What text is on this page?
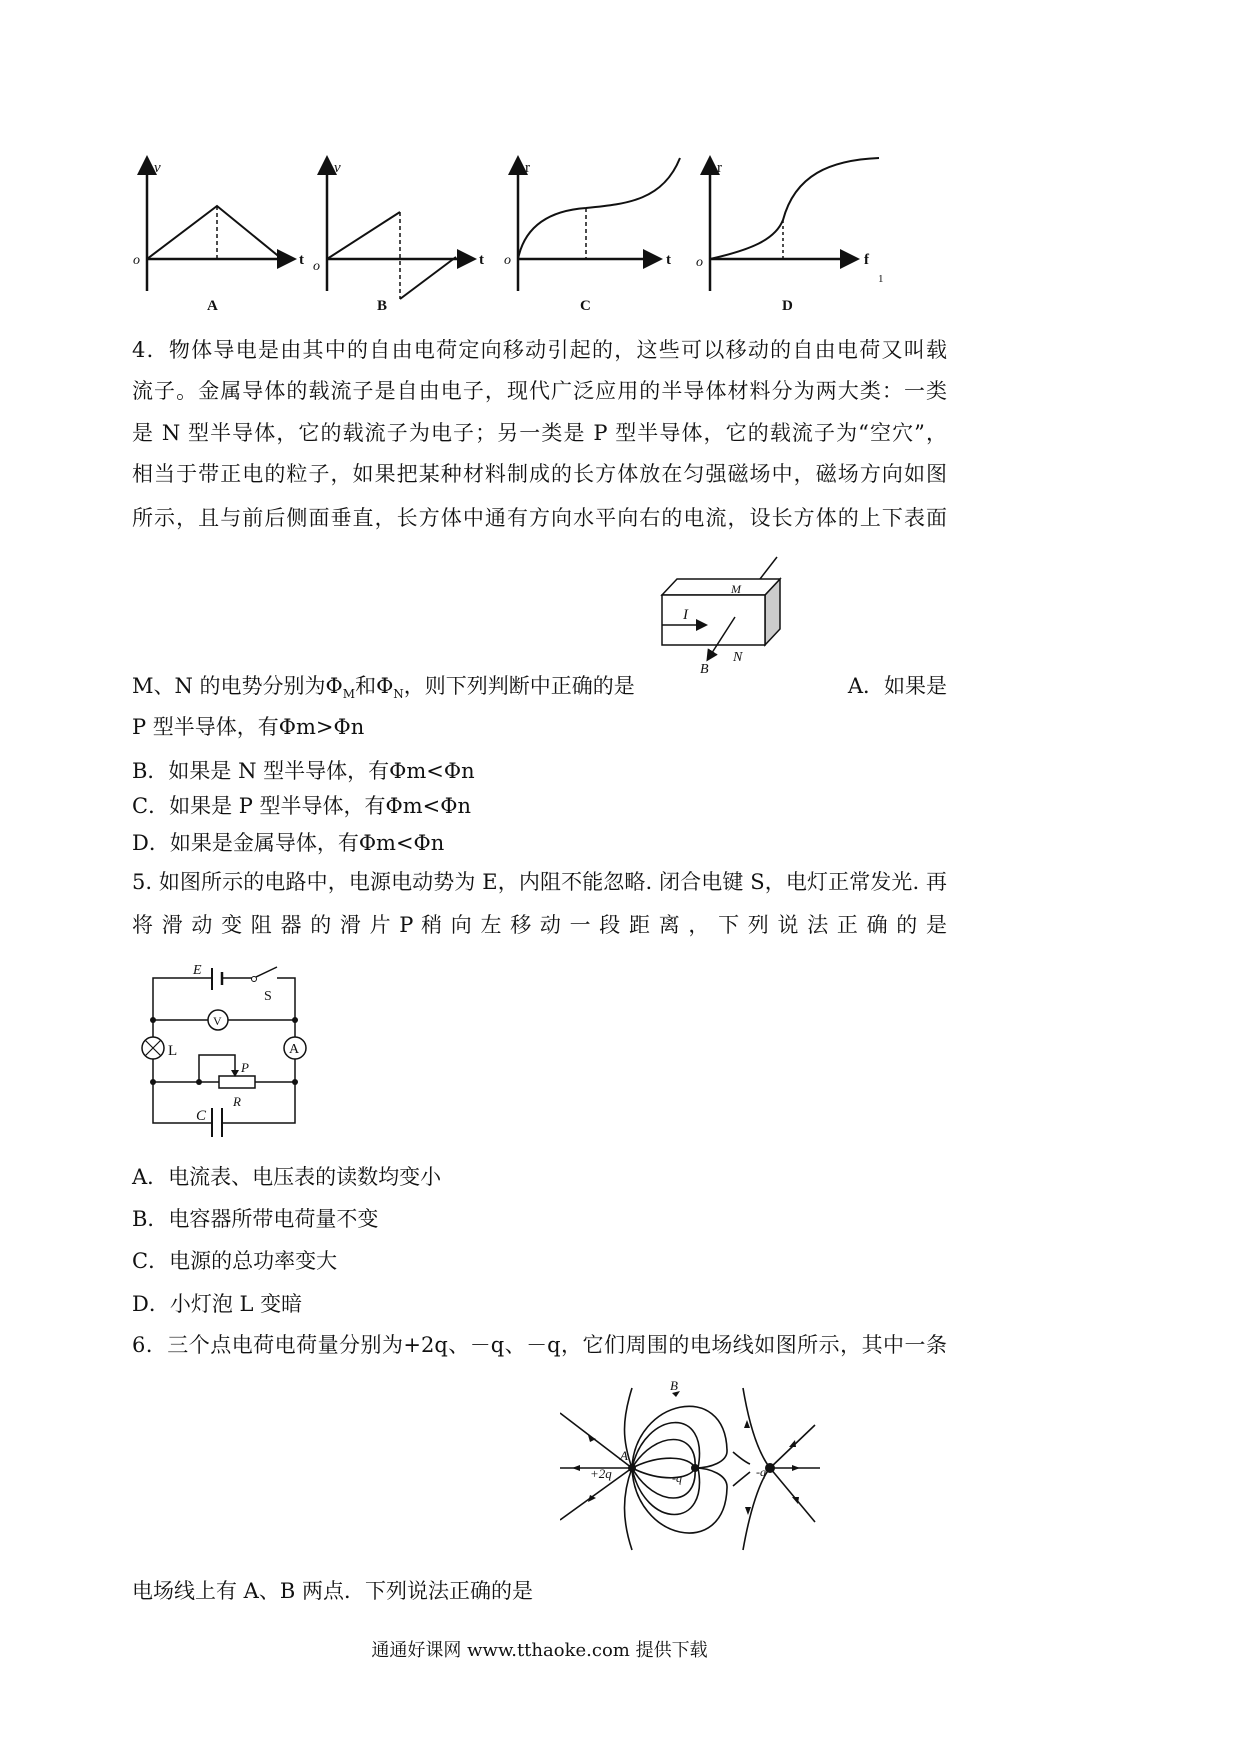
v
t
o
A
v
t
o
B
r
t
o
C
r
f
o
D
1
4．物体导电是由其中的自由电荷定向移动引起的，这些可以移动的自由电荷又叫载
流子。金属导体的载流子是自由电子，现代广泛应用的半导体材料分为两大类：一类
是 N 型半导体，它的载流子为电子；另一类是 P 型半导体，它的载流子为“空穴”，
相当于带正电的粒子，如果把某种材料制成的长方体放在匀强磁场中，磁场方向如图
所示，且与前后侧面垂直，长方体中通有方向水平向右的电流，设长方体的上下表面
I
M
B
N
M、N 的电势分别为$\Phi_M$和$\Phi_N$，则下列判断中正确的是	A．如果是
P 型半导体，有Φm>Φn
B．如果是 N 型半导体，有Φm<Φn
C．如果是 P 型半导体，有Φm<Φn
D．如果是金属导体，有Φm<Φn
5. 如图所示的电路中，电源电动势为 E，内阻不能忽略. 闭合电键 S，电灯正常发光. 再
将 滑 动 变 阻 器 的 滑 片 P 稍 向 左 移 动 一 段 距 离 ， 下 列 说 法 正 确 的 是
E
S
V
L	A
P
R
C
A．电流表、电压表的读数均变小
B．电容器所带电荷量不变
C．电源的总功率变大
D．小灯泡 L 变暗
6．三个点电荷电荷量分别为+2q、－q、－q，它们周围的电场线如图所示，其中一条
B
A
+2q	-q	-q
电场线上有 A、B 两点．下列说法正确的是
通通好课网 www.tthaoke.com 提供下载
